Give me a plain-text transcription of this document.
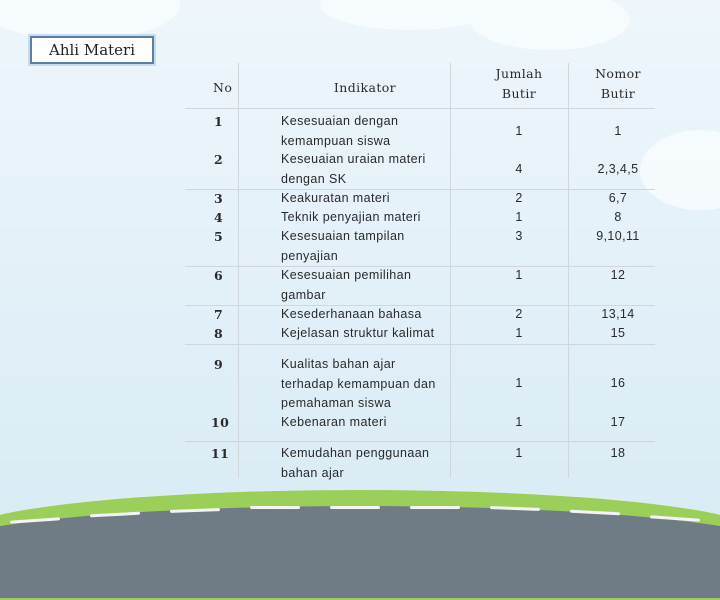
Ahli Materi
No	Indikator
Jumlah Butir
Nomor Butir
1
2
3
4
5
6
7
8
9
10
11
Kesesuaian dengan kemampuan siswa
Keseuaian uraian materi dengan SK
Keakuratan materi
Teknik penyajian materi
Kesesuaian tampilan penyajian
Kesesuaian pemilihan gambar
Kesederhanaan bahasa
Kejelasan struktur kalimat
Kualitas bahan ajar terhadap kemampuan dan pemahaman siswa
Kebenaran materi
Kemudahan penggunaan bahan ajar
1
4
2
1
3
1
2
1
1
1
1
1
2,3,4,5
6,7
8
9,10,11
12
13,14
15
16
17
18
